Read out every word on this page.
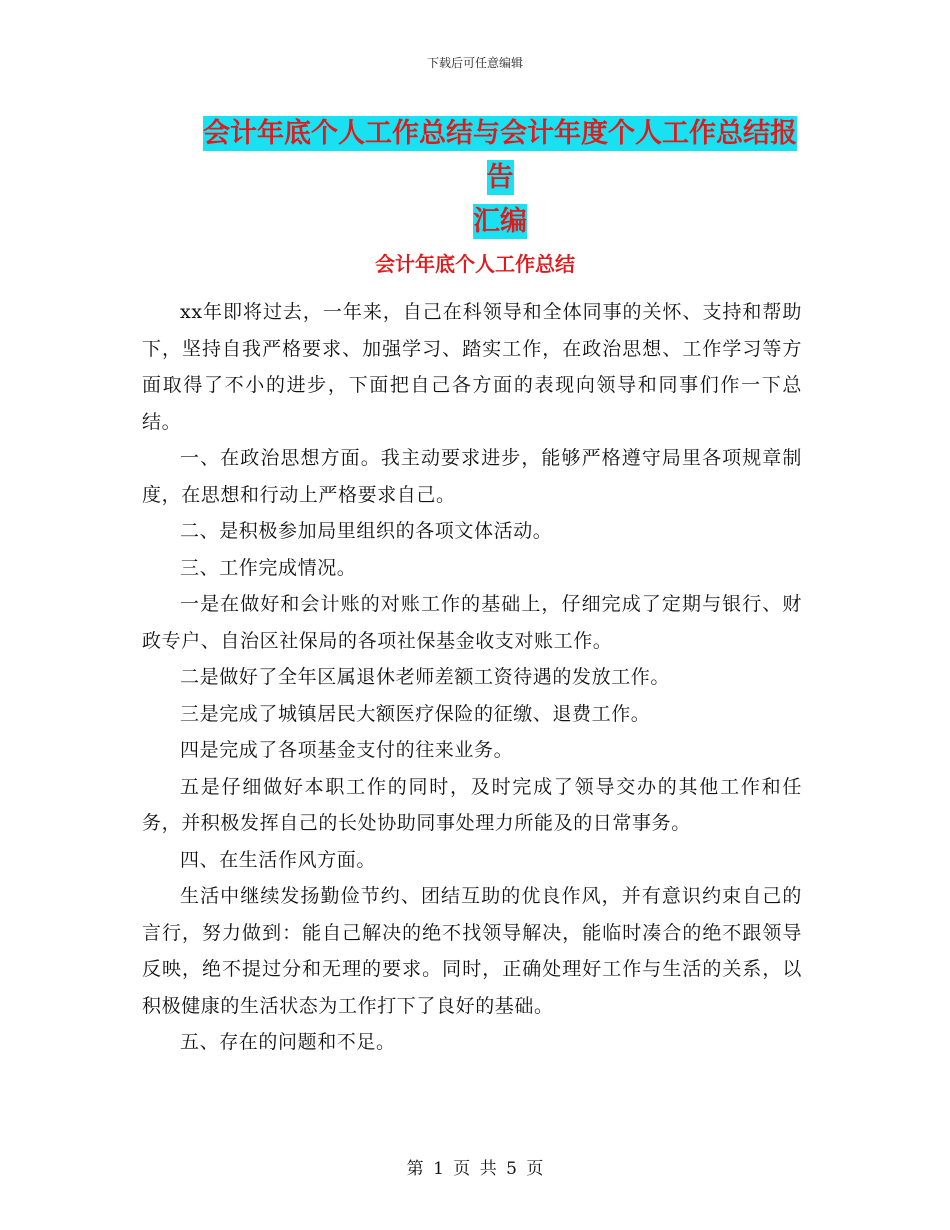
下载后可任意编辑
会计年底个人工作总结与会计年度个人工作总结报告
汇编
会计年底个人工作总结

xx年即将过去，一年来，自己在科领导和全体同事的关怀、支持和帮助下，坚持自我严格要求、加强学习、踏实工作，在政治思想、工作学习等方面取得了不小的进步，下面把自己各方面的表现向领导和同事们作一下总结。

一、在政治思想方面。我主动要求进步，能够严格遵守局里各项规章制度，在思想和行动上严格要求自己。

二、是积极参加局里组织的各项文体活动。

三、工作完成情况。

一是在做好和会计账的对账工作的基础上，仔细完成了定期与银行、财政专户、自治区社保局的各项社保基金收支对账工作。

二是做好了全年区属退休老师差额工资待遇的发放工作。

三是完成了城镇居民大额医疗保险的征缴、退费工作。

四是完成了各项基金支付的往来业务。

五是仔细做好本职工作的同时，及时完成了领导交办的其他工作和任务，并积极发挥自己的长处协助同事处理力所能及的日常事务。

四、在生活作风方面。

生活中继续发扬勤俭节约、团结互助的优良作风，并有意识约束自己的言行，努力做到：能自己解决的绝不找领导解决，能临时凑合的绝不跟领导反映，绝不提过分和无理的要求。同时，正确处理好工作与生活的关系，以积极健康的生活状态为工作打下了良好的基础。

五、存在的问题和不足。

第 1 页 共 5 页
